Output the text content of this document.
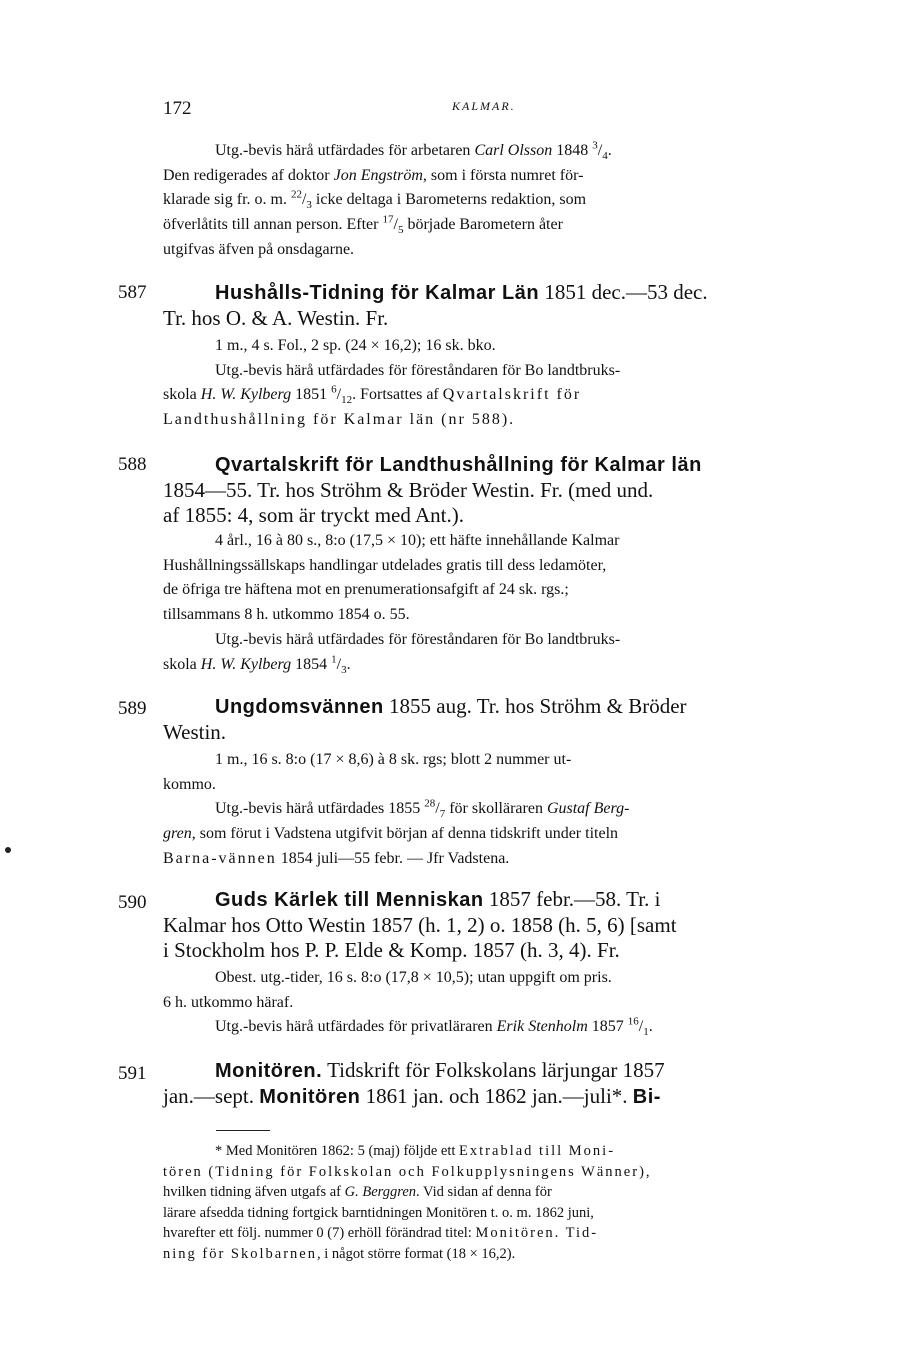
172	KALMAR.
Utg.-bevis härå utfärdades för arbetaren Carl Olsson 1848 $^3/_4$.
Den redigerades af doktor Jon Engström, som i första numret för-
klarade sig fr. o. m. $^{22}/_3$ icke deltaga i Barometerns redaktion, som
öfverlåtits till annan person. Efter $^{17}/_5$ började Barometern åter
utgifvas äfven på onsdagarne.
587	Hushålls-Tidning för Kalmar Län 1851 dec.—53 dec.
Tr. hos O. & A. Westin. Fr.
1 m., 4 s. Fol., 2 sp. (24 × 16,2); 16 sk. bko.
Utg.-bevis härå utfärdades för föreståndaren för Bo landtbruks-
skola H. W. Kylberg 1851 $^6/_{12}$. Fortsattes af Qvartalskrift för
Landthushållning för Kalmar län (nr 588).
588	Qvartalskrift för Landthushållning för Kalmar län
1854—55. Tr. hos Ströhm & Bröder Westin. Fr. (med und.
af 1855: 4, som är tryckt med Ant.).
4 årl., 16 à 80 s., 8:o (17,5 × 10); ett häfte innehållande Kalmar
Hushållningssällskaps handlingar utdelades gratis till dess ledamöter,
de öfriga tre häftena mot en prenumerationsafgift af 24 sk. rgs.;
tillsammans 8 h. utkommo 1854 o. 55.
Utg.-bevis härå utfärdades för föreståndaren för Bo landtbruks-
skola H. W. Kylberg 1854 $^1/_3$.
589	Ungdomsvännen 1855 aug. Tr. hos Ströhm & Bröder
Westin.
1 m., 16 s. 8:o (17 × 8,6) à 8 sk. rgs; blott 2 nummer ut-
kommo.
Utg.-bevis härå utfärdades 1855 $^{28}/_7$ för skolläraren Gustaf Berg-
gren, som förut i Vadstena utgifvit början af denna tidskrift under titeln
Barna-vännen 1854 juli—55 febr. — Jfr Vadstena.
590	Guds Kärlek till Menniskan 1857 febr.—58. Tr. i
Kalmar hos Otto Westin 1857 (h. 1, 2) o. 1858 (h. 5, 6) [samt
i Stockholm hos P. P. Elde & Komp. 1857 (h. 3, 4). Fr.
Obest. utg.-tider, 16 s. 8:o (17,8 × 10,5); utan uppgift om pris.
6 h. utkommo häraf.
Utg.-bevis härå utfärdades för privatläraren Erik Stenholm 1857 $^{16}/_1$.
591	Monitören. Tidskrift för Folkskolans lärjungar 1857
jan.—sept. Monitören 1861 jan. och 1862 jan.—juli*. Bi-
* Med Monitören 1862: 5 (maj) följde ett Extrablad till Moni-
tören (Tidning för Folkskolan och Folkupplysningens Wänner),
hvilken tidning äfven utgafs af G. Berggren. Vid sidan af denna för
lärare afsedda tidning fortgick barntidningen Monitören t. o. m. 1862 juni,
hvarefter ett följ. nummer 0 (7) erhöll förändrad titel: Monitören. Tid-
ning för Skolbarnen, i något större format (18 × 16,2).
